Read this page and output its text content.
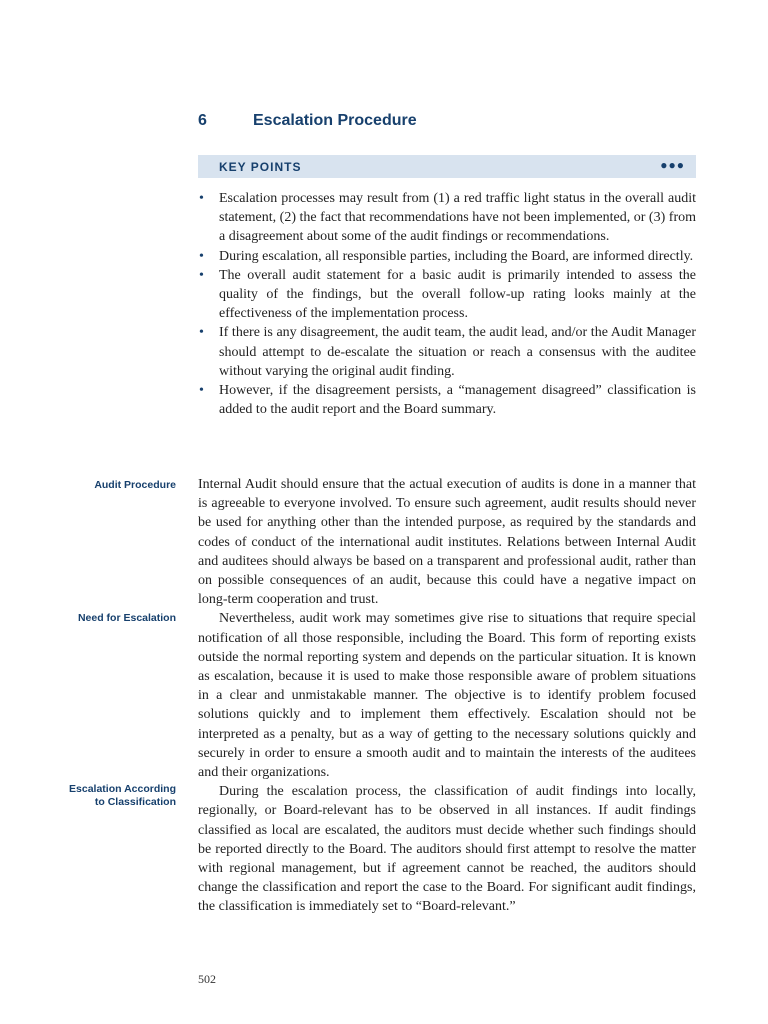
6	Escalation Procedure
KEY POINTS	●●●
• Escalation processes may result from (1) a red traffic light status in the overall audit statement, (2) the fact that recommendations have not been implemented, or (3) from a disagreement about some of the audit findings or recommendations.
• During escalation, all responsible parties, including the Board, are informed directly.
• The overall audit statement for a basic audit is primarily intended to assess the quality of the findings, but the overall follow-up rating looks mainly at the effectiveness of the implementation process.
• If there is any disagreement, the audit team, the audit lead, and/or the Audit Manager should attempt to de-escalate the situation or reach a consensus with the auditee without varying the original audit finding.
• However, if the disagreement persists, a “management disagreed” classification is added to the audit report and the Board summary.
Audit Procedure
Need for Escalation
Escalation According
to Classification

Internal Audit should ensure that the actual execution of audits is done in a manner that is agreeable to everyone involved. To ensure such agreement, audit results should never be used for anything other than the intended purpose, as required by the standards and codes of conduct of the international audit institutes. Relations between Internal Audit and auditees should always be based on a transparent and professional audit, rather than on possible consequences of an audit, because this could have a negative impact on long-term cooperation and trust.

Nevertheless, audit work may sometimes give rise to situations that require special notification of all those responsible, including the Board. This form of reporting exists outside the normal reporting system and depends on the particular situation. It is known as escalation, because it is used to make those responsible aware of problem situations in a clear and unmistakable manner. The objective is to identify problem focused solutions quickly and to implement them effectively. Escalation should not be interpreted as a penalty, but as a way of getting to the necessary solutions quickly and securely in order to ensure a smooth audit and to maintain the interests of the auditees and their organizations.

During the escalation process, the classification of audit findings into locally, regionally, or Board-relevant has to be observed in all instances. If audit findings classified as local are escalated, the auditors must decide whether such findings should be reported directly to the Board. The auditors should first attempt to resolve the matter with regional management, but if agreement cannot be reached, the auditors should change the classification and report the case to the Board. For significant audit findings, the classification is immediately set to “Board-relevant.”

502
